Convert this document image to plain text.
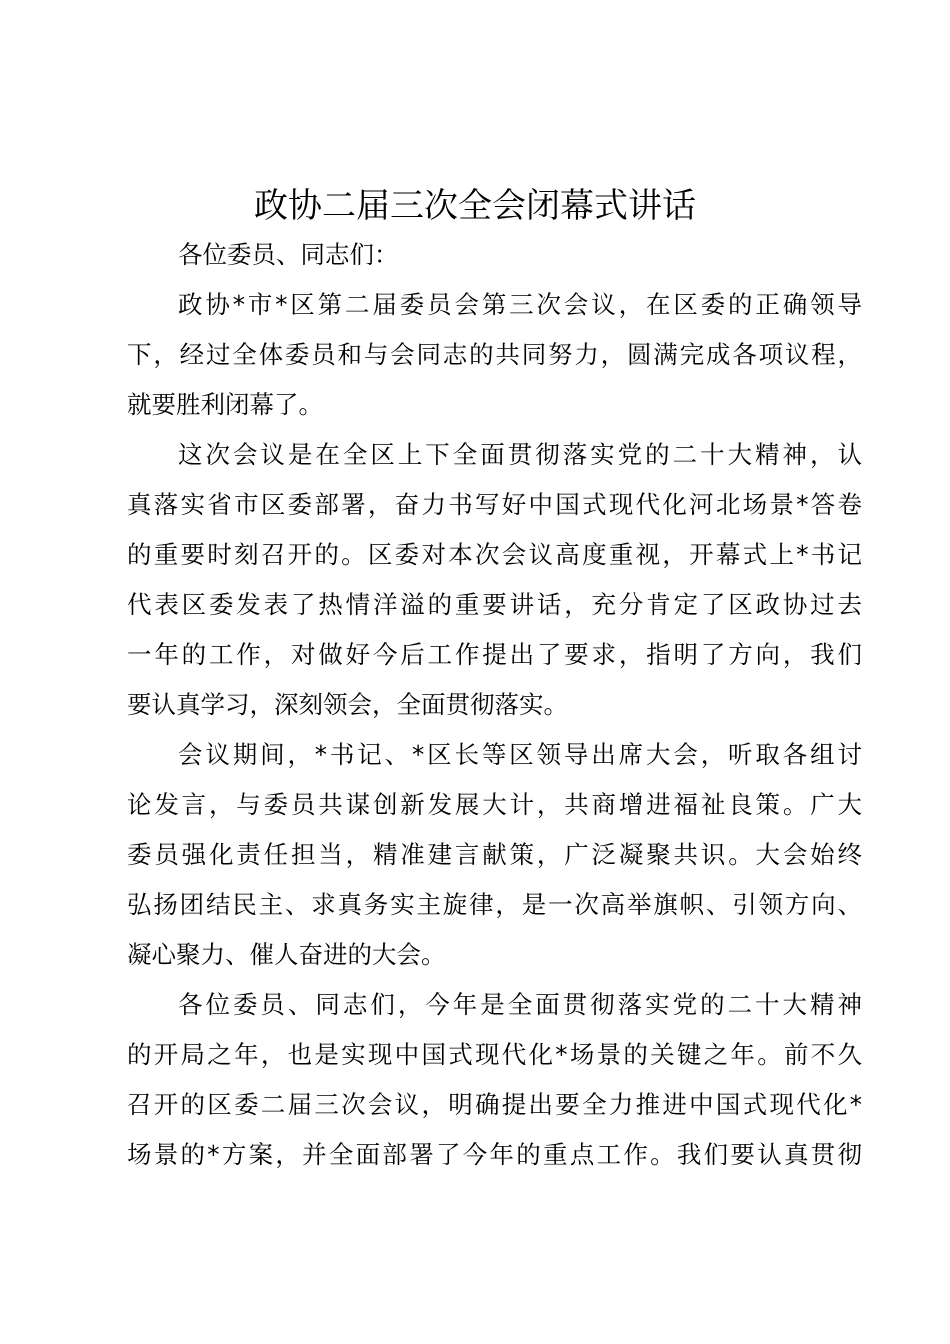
政协二届三次全会闭幕式讲话
各位委员、同志们：
政协*市*区第二届委员会第三次会议，在区委的正确领导
下，经过全体委员和与会同志的共同努力，圆满完成各项议程，
就要胜利闭幕了。
这次会议是在全区上下全面贯彻落实党的二十大精神，认
真落实省市区委部署，奋力书写好中国式现代化河北场景*答卷
的重要时刻召开的。区委对本次会议高度重视，开幕式上*书记
代表区委发表了热情洋溢的重要讲话，充分肯定了区政协过去
一年的工作，对做好今后工作提出了要求，指明了方向，我们
要认真学习，深刻领会，全面贯彻落实。
会议期间，*书记、*区长等区领导出席大会，听取各组讨
论发言，与委员共谋创新发展大计，共商增进福祉良策。广大
委员强化责任担当，精准建言献策，广泛凝聚共识。大会始终
弘扬团结民主、求真务实主旋律，是一次高举旗帜、引领方向、
凝心聚力、催人奋进的大会。
各位委员、同志们，今年是全面贯彻落实党的二十大精神
的开局之年，也是实现中国式现代化*场景的关键之年。前不久
召开的区委二届三次会议，明确提出要全力推进中国式现代化*
场景的*方案，并全面部署了今年的重点工作。我们要认真贯彻
